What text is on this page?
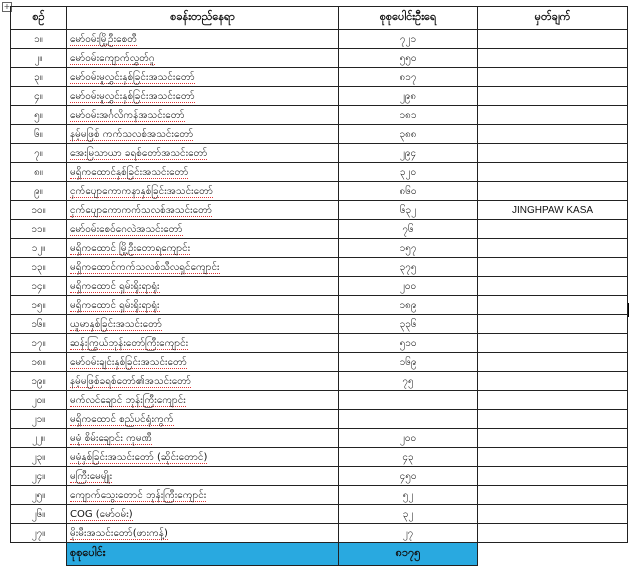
+
စဉ်	စခန်းတည်နေရာ	စုစုပေါင်းဦးရေ	မှတ်ချက်
၁။	မော်ဝမ်းမြို့ဦးစေတီ	၇၂၁	
၂။	မော်ဝမ်းကျောက်လွှတ်ဂူ	၅၅၀	
၃။	မော်ဝမ်းမူလွှင်းနှစ်ခြင်းအသင်းတော်	၈၁၇	
၄။	မော်ဝမ်းမူလွှင်းနှစ်ခြင်းအသင်းတော်	၂၉၈	
၅။	မော်ဝမ်းအင်္ဂလိကန်အသင်းတော်	၁၈၁	
၆။	နမ့်မဖြစ် ကက်သလစ်အသင်းတော်	၃၈၈	
၇။	အေးမြသာယာ ခရစ်တော်အသင်းတော်	၂၉၄	
၈။	မရှိကထောင်နှစ်ခြင်းအသင်းတော်	၃၂၀	
၉။	ငှက်ပျောကောကနာနှစ်ခြင်းအသင်းတော်	၈၆၀	
၁၀။	ငှက်ပျောကောကက်သလစ်အသင်းတော်	၆၃၂	JINGHPAW KASA
၁၁။	မော်ဝမ်းစေဝ်ဂေလဲအသင်းတော်	၇၆	
၁၂။	မရှိကထောင် မြို့ဦးတောရကျောင်း	၁၅၇	
၁၃။	မရှိကထောင်ကက်သလစ်သီလရှင်ကျောင်း	၃၇၅	
၁၄။	မရှိကထောင် ရှမ်းရိုးရာရုံး	၂၀၀	
၁၅။	မရှိကထောင် ရှမ်းရိုးရာရုံး	၁၈၉	
၁၆။	ယူမာနှစ်ခြင်းအသင်းတော်	၃၃၆	
၁၇။	ဆန်းကြွယ်ဘုန်းတော်ကြီးကျောင်း	၅၁၀	
၁၈။	မော်ဝမ်းချင်းနှစ်ခြင်းအသင်းတော်	၁၆၉	
၁၉။	နမ့်မဖြစ်ခရစ်တော်၏အသင်းတော်	၇၅	
၂၀။	မက်လင်ချောင် ဘုန်းကြီးကျောင်း		
၂၁။	မရှိကထောင် စည်ပင်ရုံးကွက်		
၂၂။	မမုံ စိမ်းချောင်း ကုမဏီ	၂၀၀	
၂၃။	မမုံနှစ်ခြင်းအသင်းတော် (ဆိုင်းတောင်)	၄၃	
၂၄။	မကြီးမေမျိုး	၄၅၀	
၂၅။	ကျောက်သွေးတောင် ဘုန်းကြီးကျောင်း	၅၂	
၂၆။	COG (မော်ဝမ်း)	၃၂	
၂၇။	မိုးမီးအသင်းတော်(ဖားကန့်)	၂၇	
	စုစုပေါင်း	၈၁၇၅	
